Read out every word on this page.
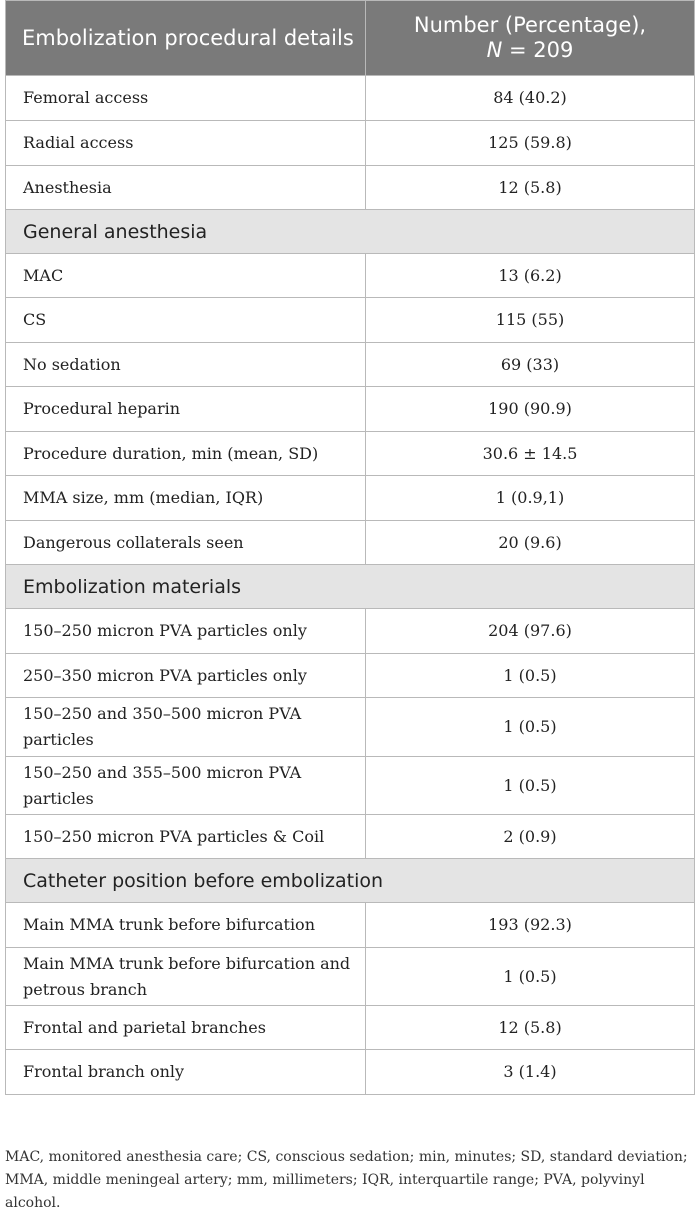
Embolization procedural details	Number (Percentage),
N = 209

Femoral access	84 (40.2)
Radial access	125 (59.8)
Anesthesia	12 (5.8)
General anesthesia	
MAC	13 (6.2)
CS	115 (55)
No sedation	69 (33)
Procedural heparin	190 (90.9)
Procedure duration, min (mean, SD)	30.6 ± 14.5
MMA size, mm (median, IQR)	1 (0.9,1)
Dangerous collaterals seen	20 (9.6)
Embolization materials	
150–250 micron PVA particles only	204 (97.6)
250–350 micron PVA particles only	1 (0.5)
150–250 and 350–500 micron PVA particles	1 (0.5)
150–250 and 355–500 micron PVA particles	1 (0.5)
150–250 micron PVA particles & Coil	2 (0.9)
Catheter position before embolization	
Main MMA trunk before bifurcation	193 (92.3)
Main MMA trunk before bifurcation and petrous branch	1 (0.5)
Frontal and parietal branches	12 (5.8)
Frontal branch only	3 (1.4)
MAC, monitored anesthesia care; CS, conscious sedation; min, minutes; SD, standard deviation; MMA, middle meningeal artery; mm, millimeters; IQR, interquartile range; PVA, polyvinyl alcohol.
